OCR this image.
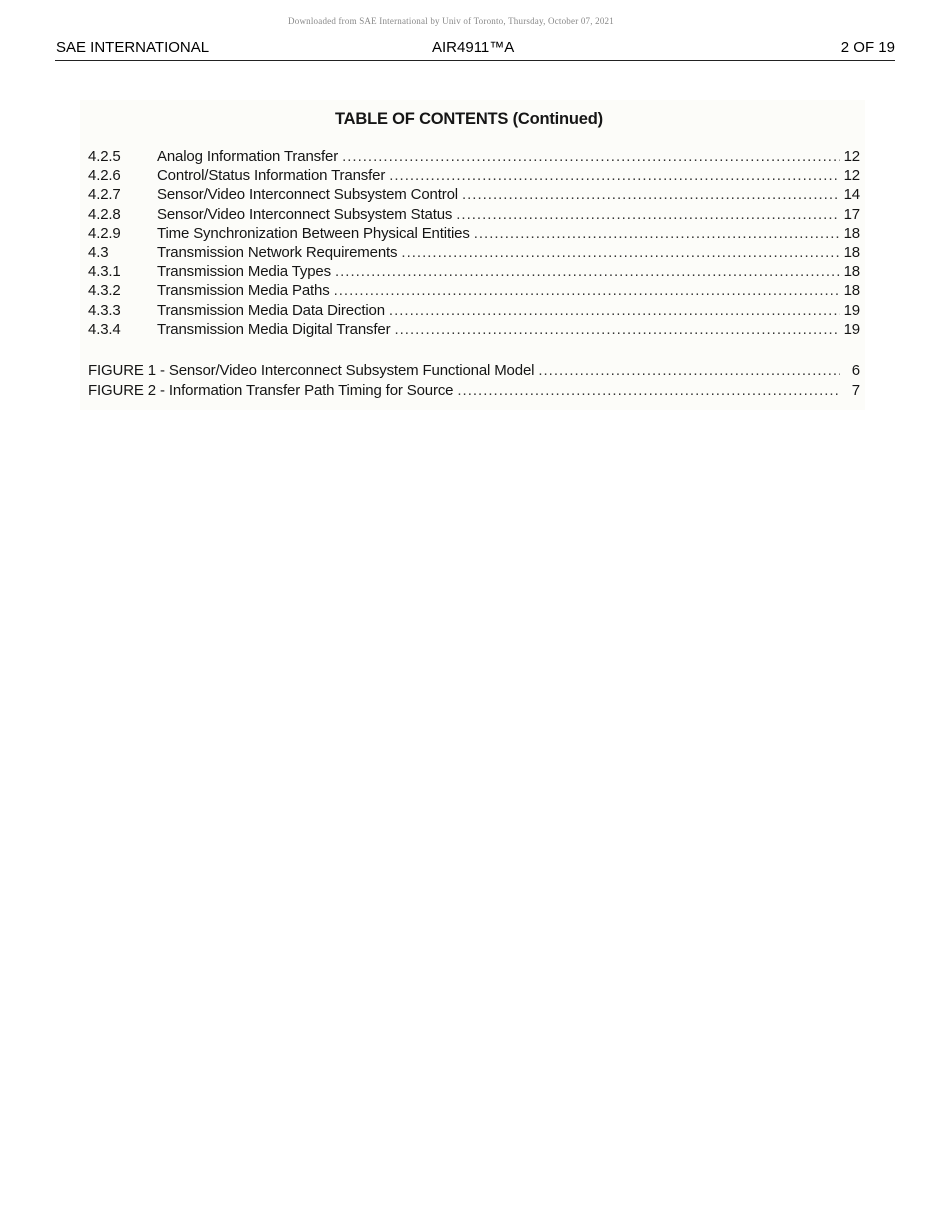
Downloaded from SAE International by Univ of Toronto, Thursday, October 07, 2021
SAE INTERNATIONAL	AIR4911™A	2 OF 19
TABLE OF CONTENTS (Continued)
4.2.5	Analog Information Transfer .....	12
4.2.6	Control/Status Information Transfer .....	12
4.2.7	Sensor/Video Interconnect Subsystem Control .....	14
4.2.8	Sensor/Video Interconnect Subsystem Status .....	17
4.2.9	Time Synchronization Between Physical Entities .....	18
4.3	Transmission Network Requirements .....	18
4.3.1	Transmission Media Types .....	18
4.3.2	Transmission Media Paths .....	18
4.3.3	Transmission Media Data Direction .....	19
4.3.4	Transmission Media Digital Transfer .....	19
FIGURE 1 - Sensor/Video Interconnect Subsystem Functional Model .....	6
FIGURE 2 - Information Transfer Path Timing for Source .....	7
